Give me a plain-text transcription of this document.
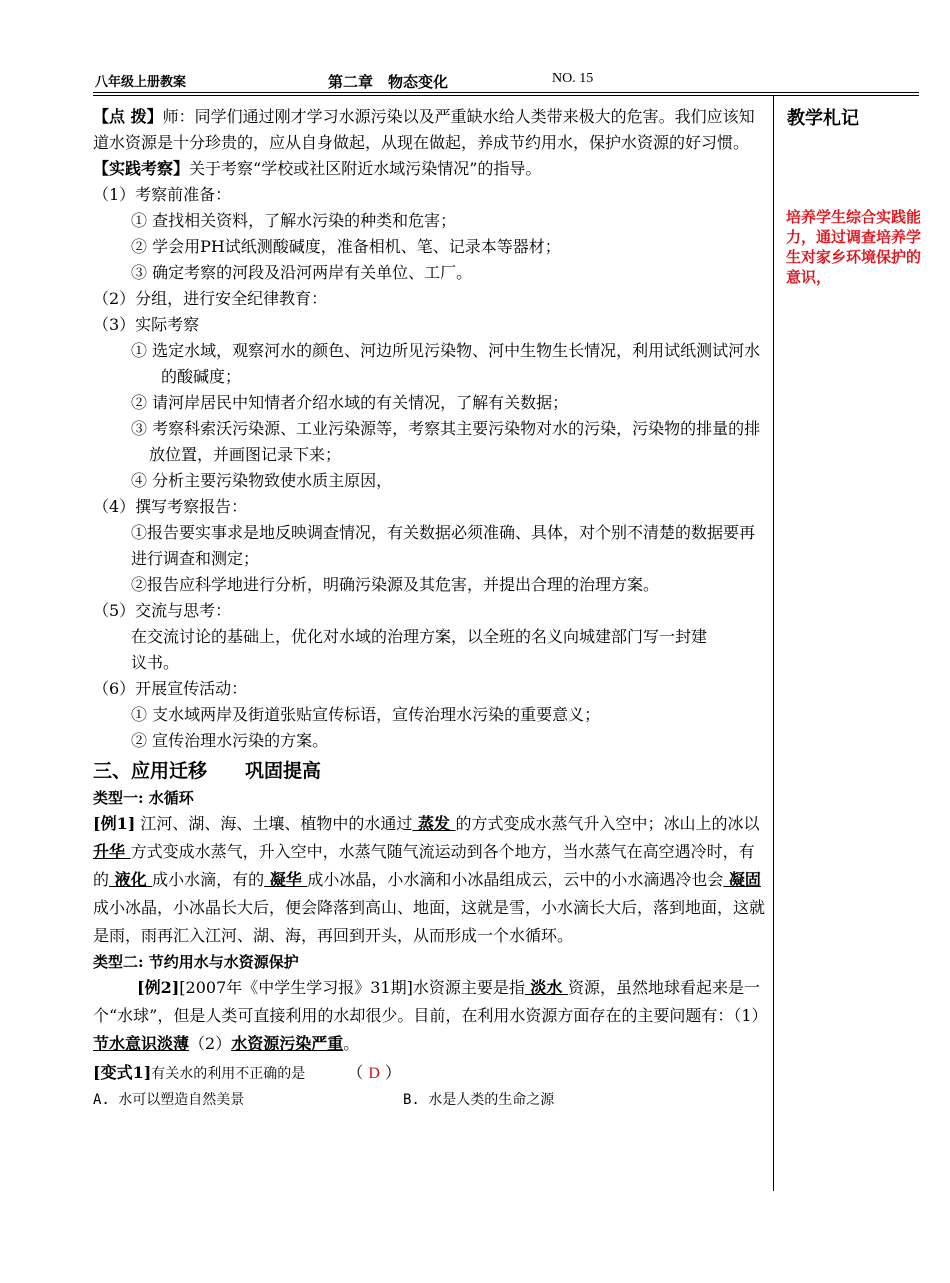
八年级上册教案	第二章　物态变化	NO. 15
教学札记
培养学生综合实践能力，通过调查培养学生对家乡环境保护的意识，

【点 拨】师：同学们通过刚才学习水源污染以及严重缺水给人类带来极大的危害。我们应该知道水资源是十分珍贵的，应从自身做起，从现在做起，养成节约用水，保护水资源的好习惯。

【实践考察】关于考察“学校或社区附近水域污染情况”的指导。

（1）考察前准备：

① 查找相关资料，了解水污染的种类和危害；

② 学会用PH试纸测酸碱度，准备相机、笔、记录本等器材；

③ 确定考察的河段及沿河两岸有关单位、工厂。

（2）分组，进行安全纪律教育：

（3）实际考察

① 选定水域，观察河水的颜色、河边所见污染物、河中生物生长情况，利用试纸测试河水的酸碱度；

② 请河岸居民中知情者介绍水域的有关情况，了解有关数据；

③ 考察科索沃污染源、工业污染源等，考察其主要污染物对水的污染，污染物的排量的排放位置，并画图记录下来；

④ 分析主要污染物致使水质主原因，

（4）撰写考察报告：

①报告要实事求是地反映调查情况，有关数据必须准确、具体，对个别不清楚的数据要再进行调查和测定；

②报告应科学地进行分析，明确污染源及其危害，并提出合理的治理方案。

（5）交流与思考：

在交流讨论的基础上，优化对水域的治理方案，以全班的名义向城建部门写一封建

议书。

（6）开展宣传活动：

① 支水域两岸及街道张贴宣传标语，宣传治理水污染的重要意义；

② 宣传治理水污染的方案。

三、应用迁移　　巩固提高

类型一: 水循环

[例1] 江河、湖、海、土壤、植物中的水通过 蒸发 的方式变成水蒸气升入空中；冰山上的冰以 升华 方式变成水蒸气，升入空中，水蒸气随气流运动到各个地方，当水蒸气在高空遇冷时，有的 液化 成小水滴，有的 凝华 成小冰晶，小水滴和小冰晶组成云，云中的小水滴遇冷也会 凝固 成小冰晶，小冰晶长大后，便会降落到高山、地面，这就是雪，小水滴长大后，落到地面，这就是雨，雨再汇入江河、湖、海，再回到开头，从而形成一个水循环。

类型二: 节约用水与水资源保护

[例2][2007年《中学生学习报》31期]水资源主要是指 淡水 资源，虽然地球看起来是一个“水球”，但是人类可直接利用的水却很少。目前，在利用水资源方面存在的主要问题有：（1）节水意识淡薄（2）水资源污染严重。

[变式1]有关水的利用不正确的是	（ D ）

A. 水可以塑造自然美景	B. 水是人类的生命之源
